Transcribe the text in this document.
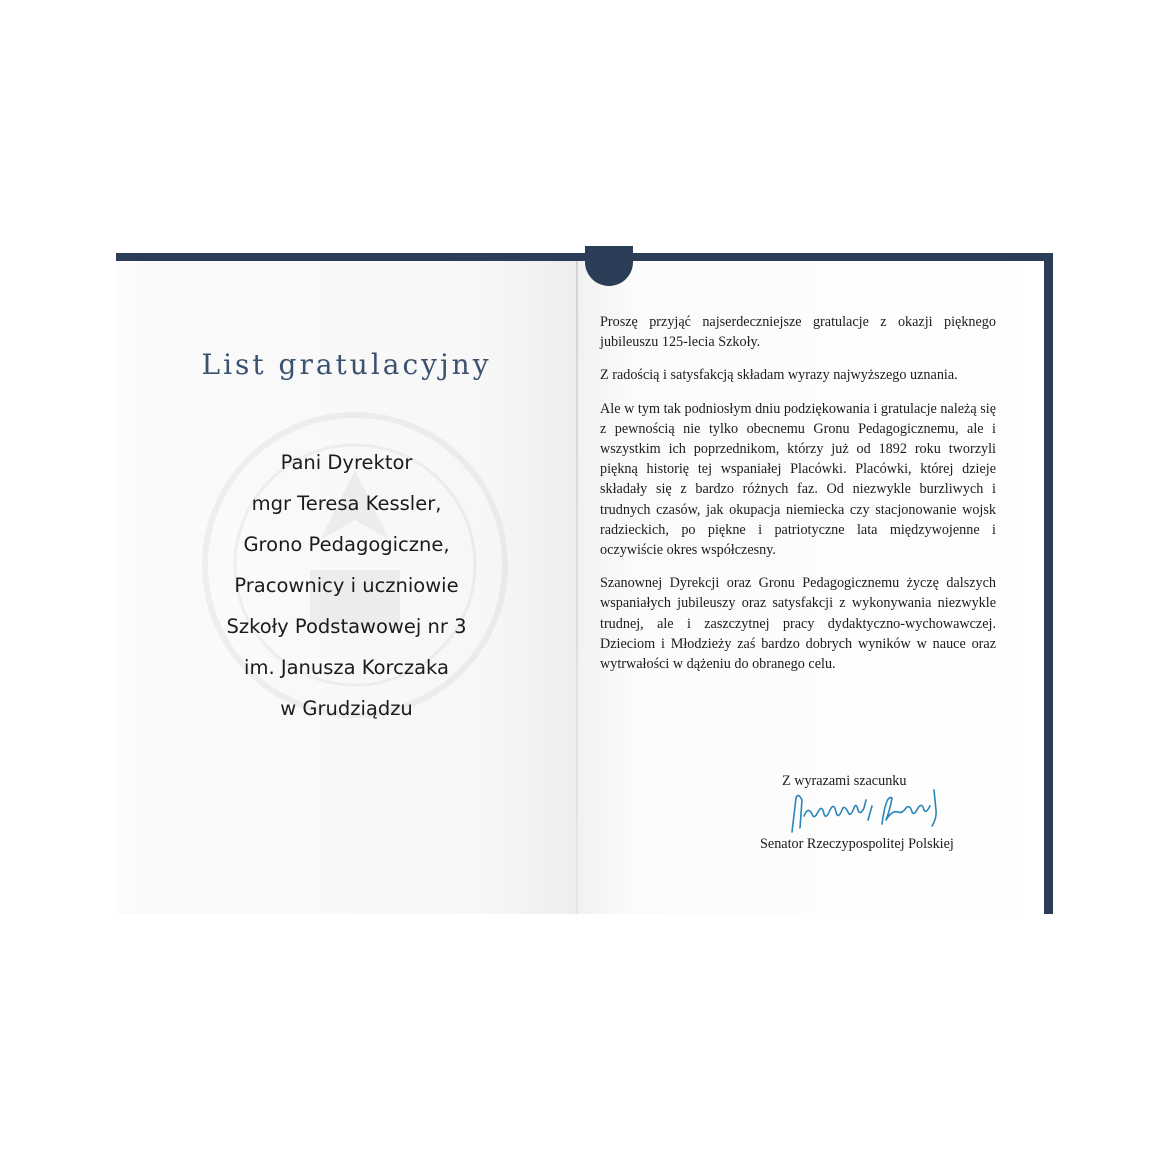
List gratulacyjny
Pani Dyrektor
mgr Teresa Kessler,
Grono Pedagogiczne,
Pracownicy i uczniowie
Szkoły Podstawowej nr 3
im. Janusza Korczaka
w Grudziądzu

Proszę przyjąć najserdeczniejsze gratulacje z okazji pięknego jubileuszu 125-lecia Szkoły.

Z radością i satysfakcją składam wyrazy najwyższego uznania.

Ale w tym tak podniosłym dniu podziękowania i gratulacje należą się z pewnością nie tylko obecnemu Gronu Pedagogicznemu, ale i wszystkim ich poprzednikom, którzy już od 1892 roku tworzyli piękną historię tej wspaniałej Placówki. Placówki, której dzieje składały się z bardzo różnych faz. Od niezwykle burzliwych i trudnych czasów, jak okupacja niemiecka czy stacjonowanie wojsk radzieckich, po piękne i patriotyczne lata międzywojenne i oczywiście okres współczesny.

Szanownej Dyrekcji oraz Gronu Pedagogicznemu życzę dalszych wspaniałych jubileuszy oraz satysfakcji z wykonywania niezwykle trudnej, ale i zaszczytnej pracy dydaktyczno-wychowawczej. Dzieciom i Młodzieży zaś bardzo dobrych wyników w nauce oraz wytrwałości w dążeniu do obranego celu.

Z wyrazami szacunku
Senator Rzeczypospolitej Polskiej
